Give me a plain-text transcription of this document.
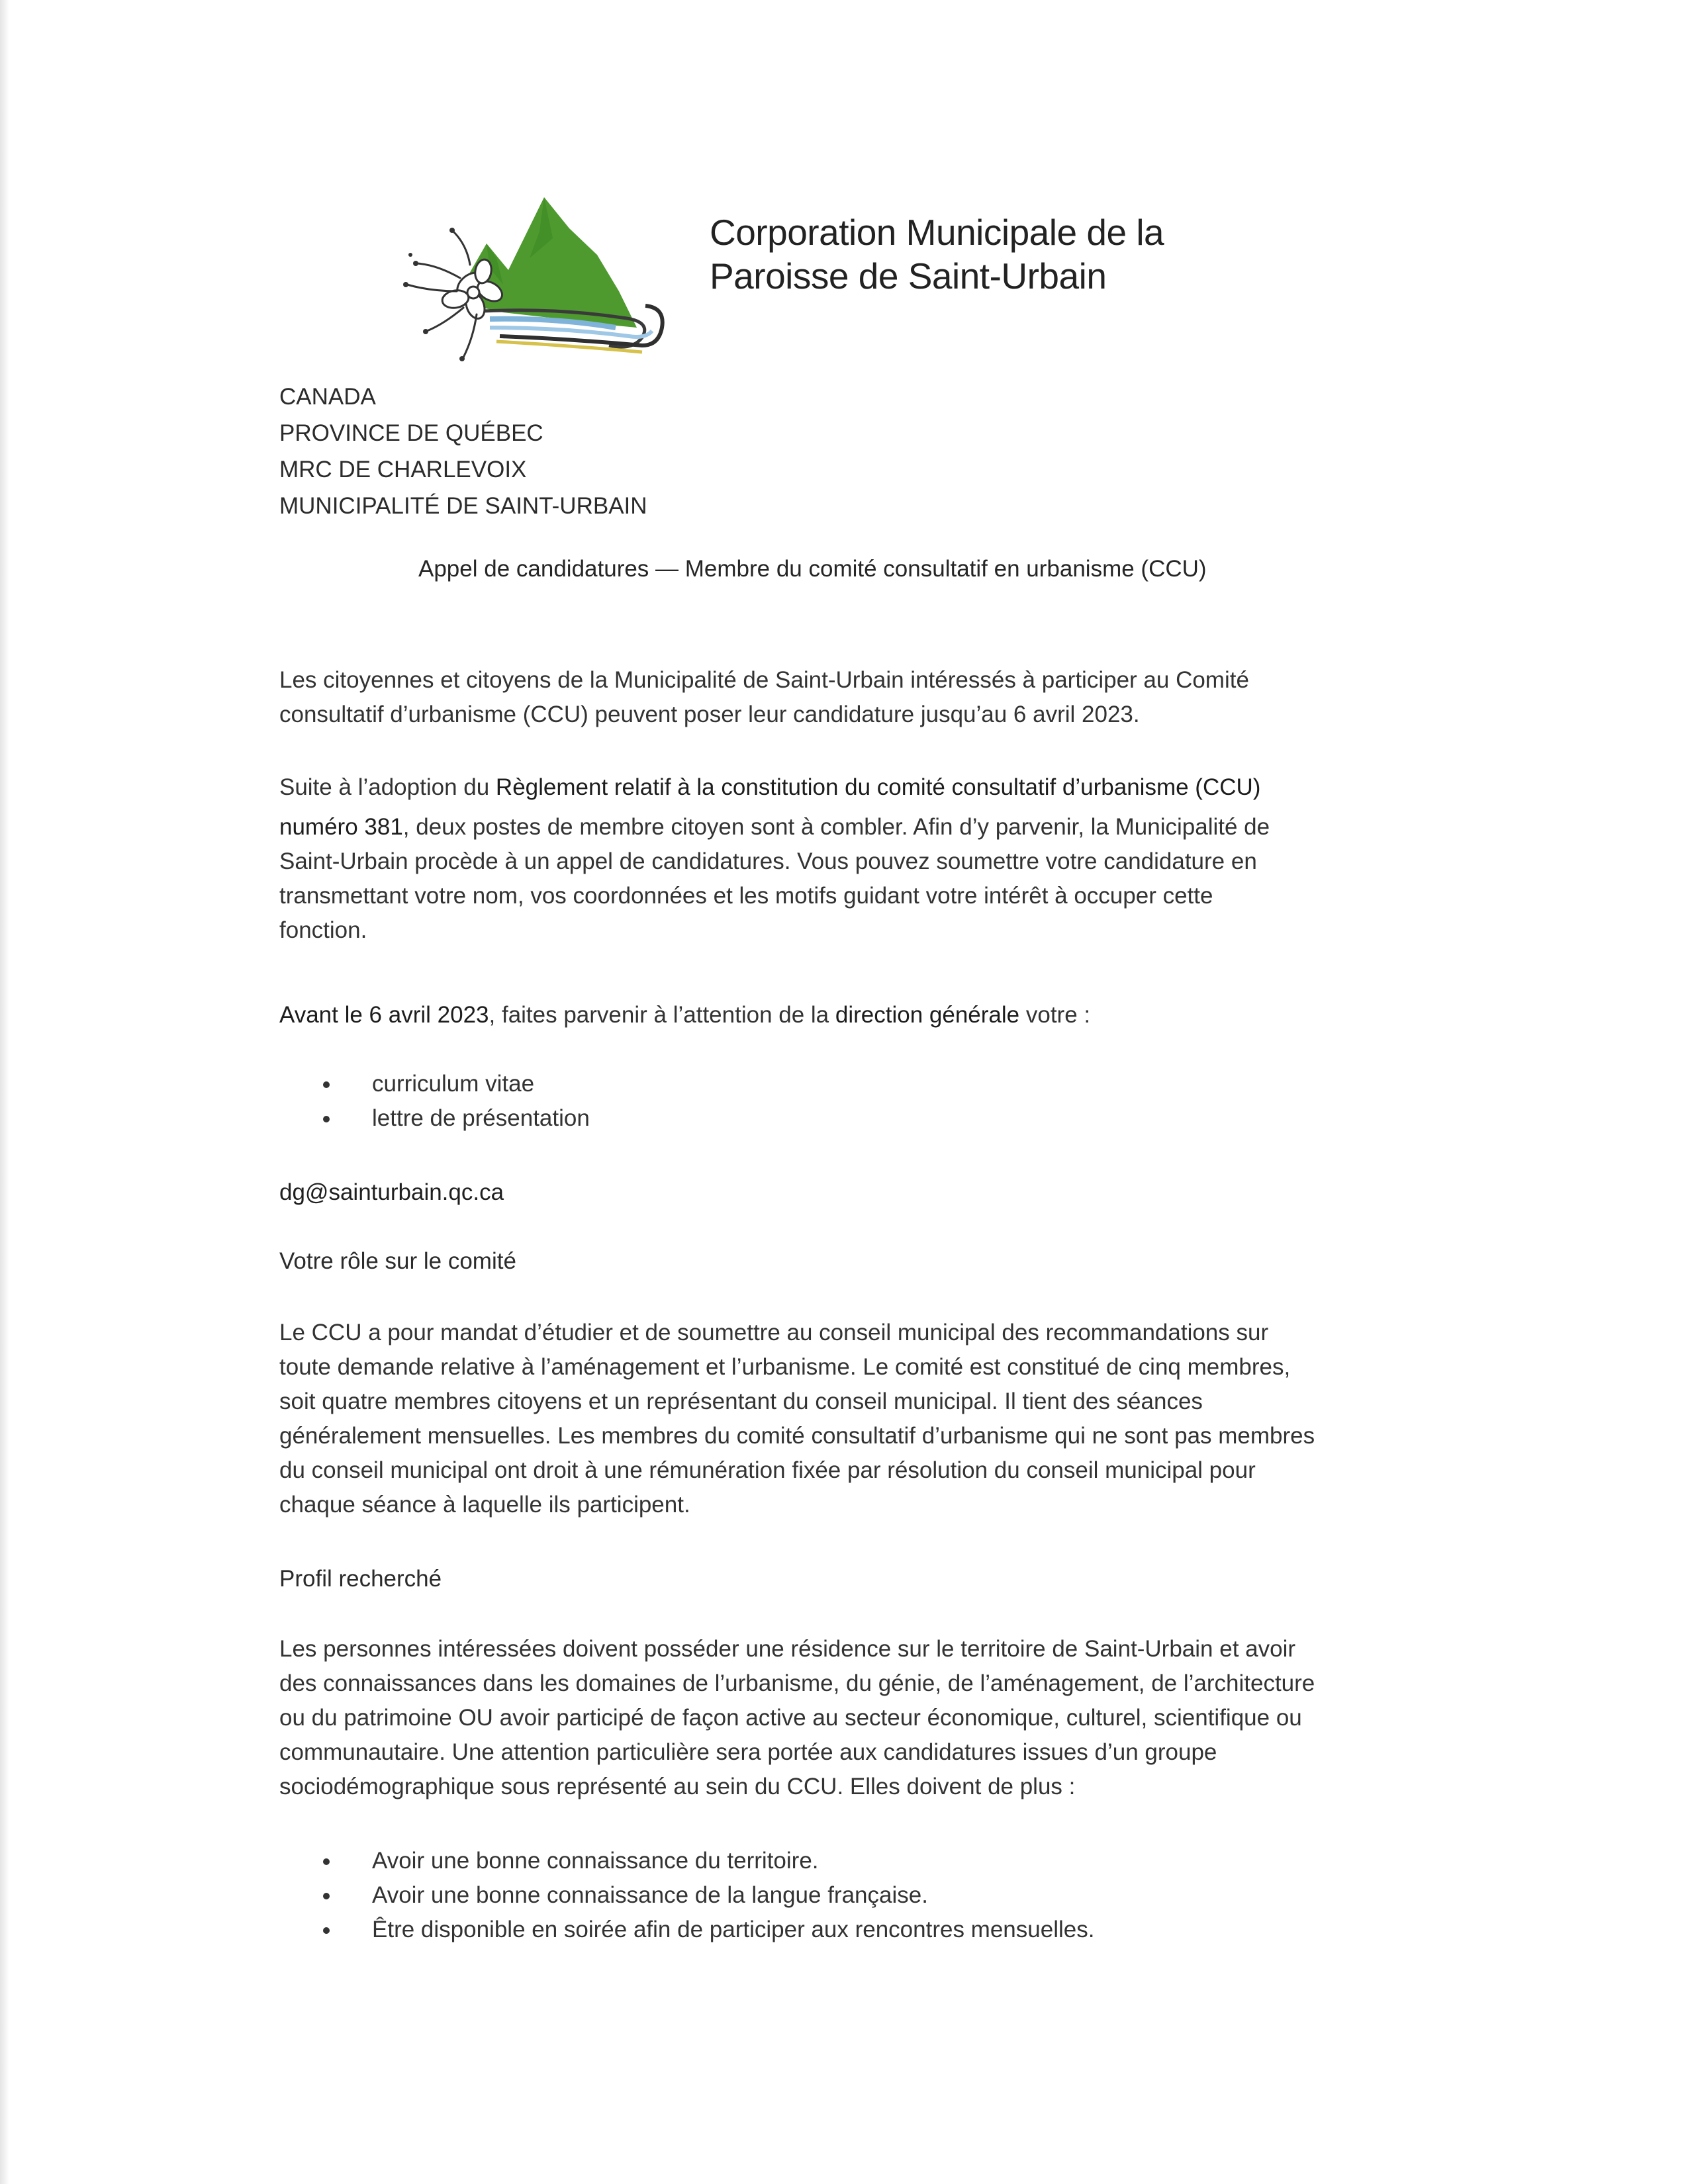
Corporation Municipale de la
Paroisse de Saint-Urbain
CANADA
PROVINCE DE QUÉBEC
MRC DE CHARLEVOIX
MUNICIPALITÉ DE SAINT-URBAIN
Appel de candidatures — Membre du comité consultatif en urbanisme (CCU)
Les citoyennes et citoyens de la Municipalité de Saint-Urbain intéressés à participer au Comité
consultatif d’urbanisme (CCU) peuvent poser leur candidature jusqu’au 6 avril 2023.
Suite à l’adoption du Règlement relatif à la constitution du comité consultatif d’urbanisme (CCU)
numéro 381, deux postes de membre citoyen sont à combler. Afin d’y parvenir, la Municipalité de
Saint-Urbain procède à un appel de candidatures. Vous pouvez soumettre votre candidature en
transmettant votre nom, vos coordonnées et les motifs guidant votre intérêt à occuper cette
fonction.
Avant le 6 avril 2023, faites parvenir à l’attention de la direction générale votre :
curriculum vitae
lettre de présentation
dg@sainturbain.qc.ca
Votre rôle sur le comité
Le CCU a pour mandat d’étudier et de soumettre au conseil municipal des recommandations sur
toute demande relative à l’aménagement et l’urbanisme. Le comité est constitué de cinq membres,
soit quatre membres citoyens et un représentant du conseil municipal. Il tient des séances
généralement mensuelles. Les membres du comité consultatif d’urbanisme qui ne sont pas membres
du conseil municipal ont droit à une rémunération fixée par résolution du conseil municipal pour
chaque séance à laquelle ils participent.
Profil recherché
Les personnes intéressées doivent posséder une résidence sur le territoire de Saint-Urbain et avoir
des connaissances dans les domaines de l’urbanisme, du génie, de l’aménagement, de l’architecture
ou du patrimoine OU avoir participé de façon active au secteur économique, culturel, scientifique ou
communautaire. Une attention particulière sera portée aux candidatures issues d’un groupe
sociodémographique sous représenté au sein du CCU. Elles doivent de plus :
Avoir une bonne connaissance du territoire.
Avoir une bonne connaissance de la langue française.
Être disponible en soirée afin de participer aux rencontres mensuelles.
